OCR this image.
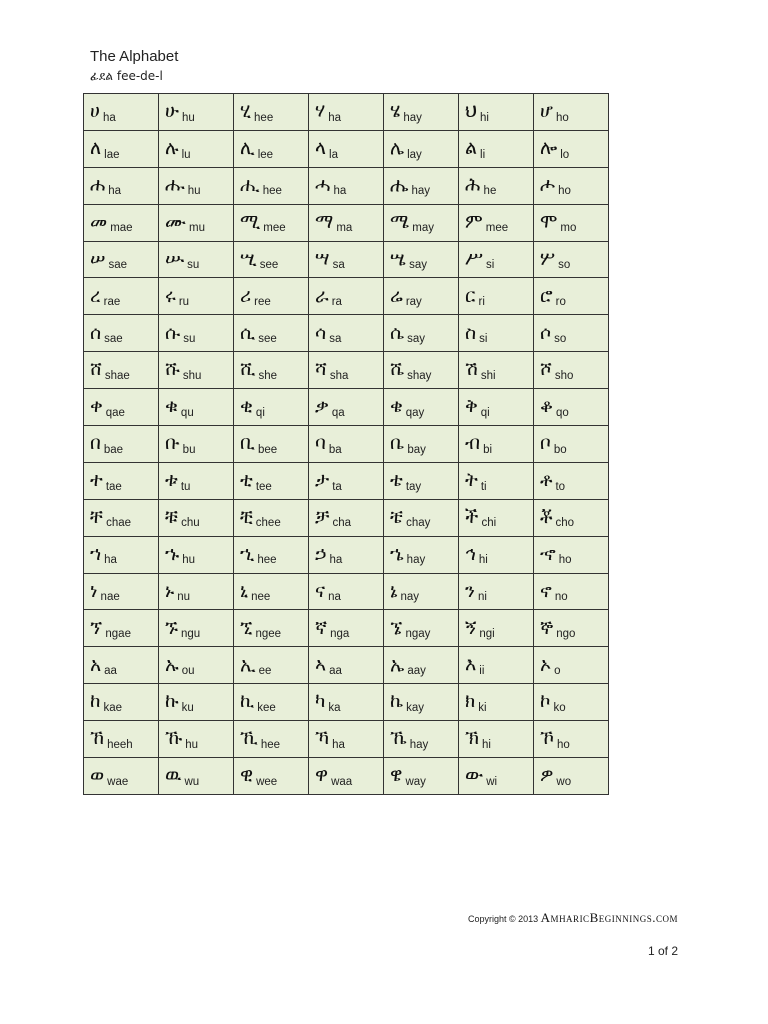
The Alphabet
ፊደል fee-de-l
ሀ $_{ha}$	ሁ $_{hu}$	ሂ $_{hee}$	ሃ $_{ha}$	ሄ $_{hay}$	ህ $_{hi}$	ሆ $_{ho}$
ለ $_{lae}$	ሉ $_{lu}$	ሊ $_{lee}$	ላ $_{la}$	ሌ $_{lay}$	ል $_{li}$	ሎ $_{lo}$
ሐ $_{ha}$	ሑ $_{hu}$	ሒ $_{hee}$	ሓ $_{ha}$	ሔ $_{hay}$	ሕ $_{he}$	ሖ $_{ho}$
መ $_{mae}$	ሙ $_{mu}$	ሚ $_{mee}$	ማ $_{ma}$	ሜ $_{may}$	ም $_{mee}$	ሞ $_{mo}$
ሠ $_{sae}$	ሡ $_{su}$	ሢ $_{see}$	ሣ $_{sa}$	ሤ $_{say}$	ሥ $_{si}$	ሦ $_{so}$
ረ $_{rae}$	ሩ $_{ru}$	ሪ $_{ree}$	ራ $_{ra}$	ሬ $_{ray}$	ር $_{ri}$	ሮ $_{ro}$
ሰ $_{sae}$	ሱ $_{su}$	ሲ $_{see}$	ሳ $_{sa}$	ሴ $_{say}$	ስ $_{si}$	ሶ $_{so}$
ሸ $_{shae}$	ሹ $_{shu}$	ሺ $_{she}$	ሻ $_{sha}$	ሼ $_{shay}$	ሽ $_{shi}$	ሾ $_{sho}$
ቀ $_{qae}$	ቁ $_{qu}$	ቂ $_{qi}$	ቃ $_{qa}$	ቄ $_{qay}$	ቅ $_{qi}$	ቆ $_{qo}$
በ $_{bae}$	ቡ $_{bu}$	ቢ $_{bee}$	ባ $_{ba}$	ቤ $_{bay}$	ብ $_{bi}$	ቦ $_{bo}$
ተ $_{tae}$	ቱ $_{tu}$	ቲ $_{tee}$	ታ $_{ta}$	ቴ $_{tay}$	ት $_{ti}$	ቶ $_{to}$
ቸ $_{chae}$	ቹ $_{chu}$	ቺ $_{chee}$	ቻ $_{cha}$	ቼ $_{chay}$	ች $_{chi}$	ቾ $_{cho}$
ኀ $_{ha}$	ኁ $_{hu}$	ኂ $_{hee}$	ኃ $_{ha}$	ኄ $_{hay}$	ኅ $_{hi}$	ኆ $_{ho}$
ነ $_{nae}$	ኑ $_{nu}$	ኒ $_{nee}$	ና $_{na}$	ኔ $_{nay}$	ን $_{ni}$	ኖ $_{no}$
ኘ $_{ngae}$	ኙ $_{ngu}$	ኚ $_{ngee}$	ኛ $_{nga}$	ኜ $_{ngay}$	ኝ $_{ngi}$	ኞ $_{ngo}$
አ $_{aa}$	ኡ $_{ou}$	ኢ $_{ee}$	ኣ $_{aa}$	ኤ $_{aay}$	እ $_{ii}$	ኦ $_o$
ከ $_{kae}$	ኩ $_{ku}$	ኪ $_{kee}$	ካ $_{ka}$	ኬ $_{kay}$	ክ $_{ki}$	ኮ $_{ko}$
ኸ $_{heeh}$	ኹ $_{hu}$	ኺ $_{hee}$	ኻ $_{ha}$	ኼ $_{hay}$	ኽ $_{hi}$	ኾ $_{ho}$
ወ $_{wae}$	ዉ $_{wu}$	ዊ $_{wee}$	ዋ $_{waa}$	ዌ $_{way}$	ው $_{wi}$	ዎ $_{wo}$
Copyright © 2013 AmharicBeginnings.com
1 of 2
